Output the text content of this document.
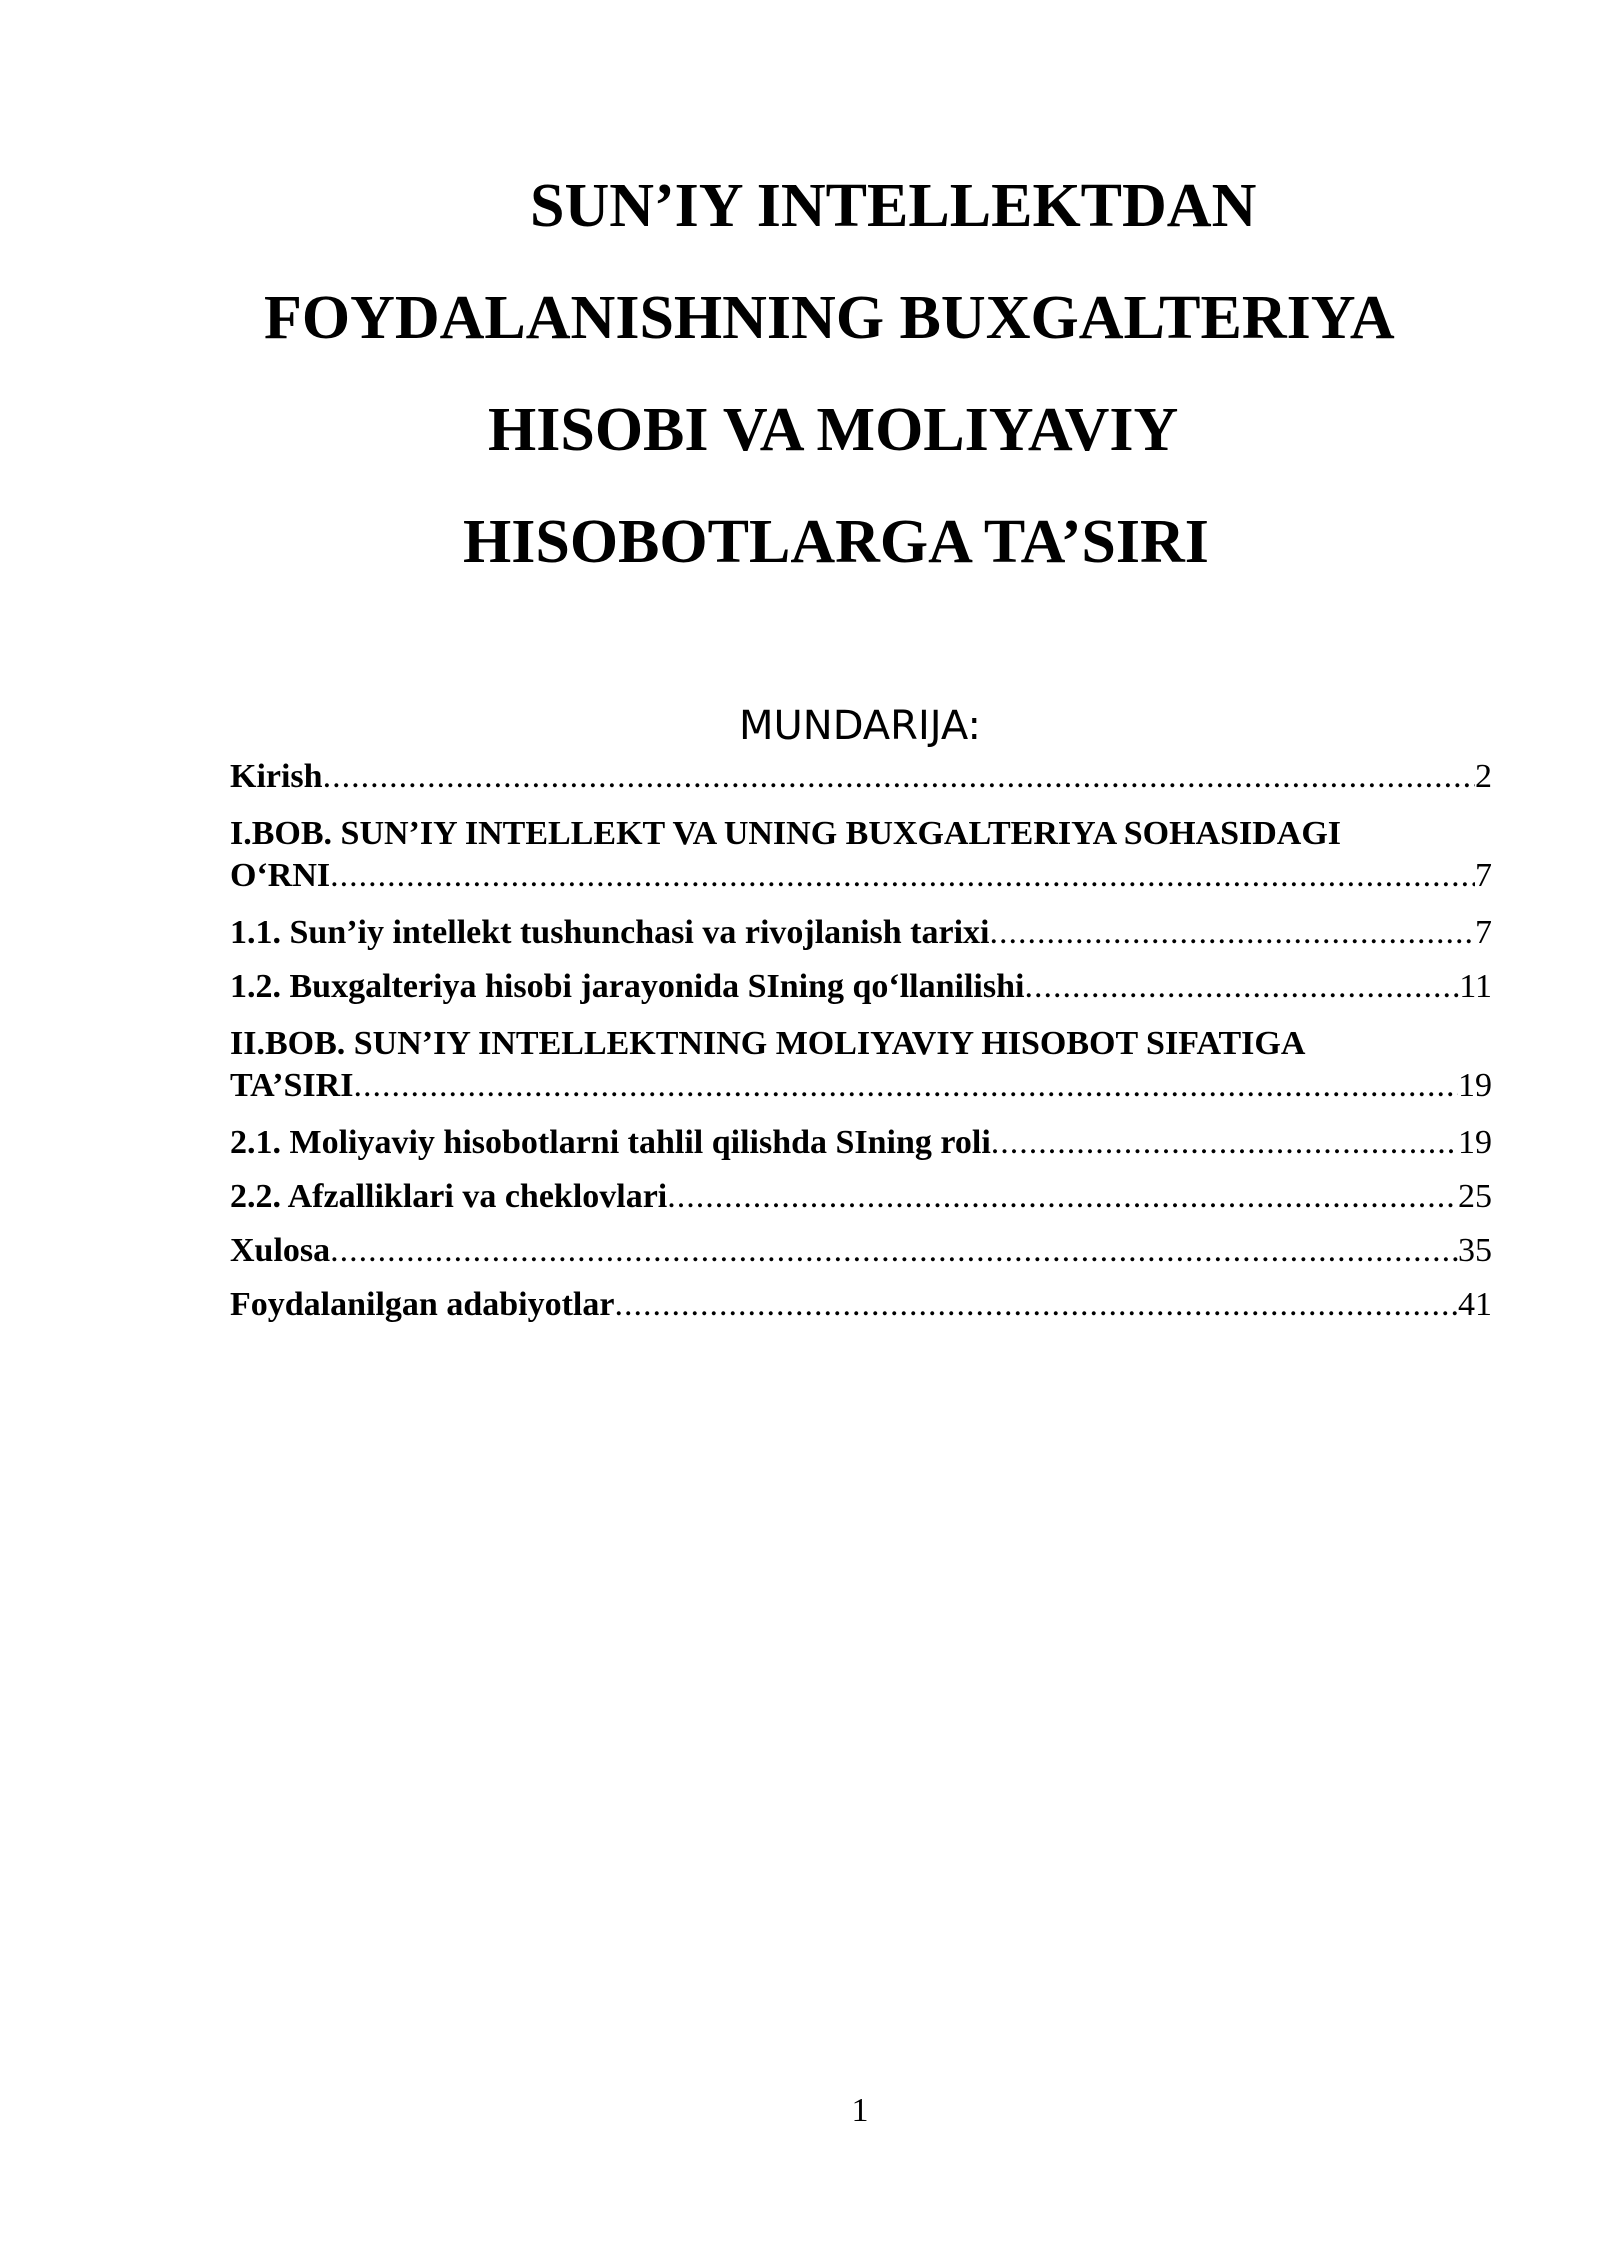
SUN’IY INTELLEKTDAN
FOYDALANISHNING BUXGALTERIYA
HISOBI VA MOLIYAVIY
HISOBOTLARGA TA’SIRI
MUNDARIJA:
Kirish .....	2
I.BOB. SUN’IY INTELLEKT VA UNING BUXGALTERIYA SOHASIDAGI
O‘RNI .....	7
1.1. Sun’iy intellekt tushunchasi va rivojlanish tarixi .....	7
1.2. Buxgalteriya hisobi jarayonida SIning qo‘llanilishi .....	11
II.BOB. SUN’IY INTELLEKTNING MOLIYAVIY HISOBOT SIFATIGA
TA’SIRI .....	19
2.1. Moliyaviy hisobotlarni tahlil qilishda SIning roli .....	19
2.2. Afzalliklari va cheklovlari .....	25
Xulosa .....	35
Foydalanilgan adabiyotlar .....	41
1
